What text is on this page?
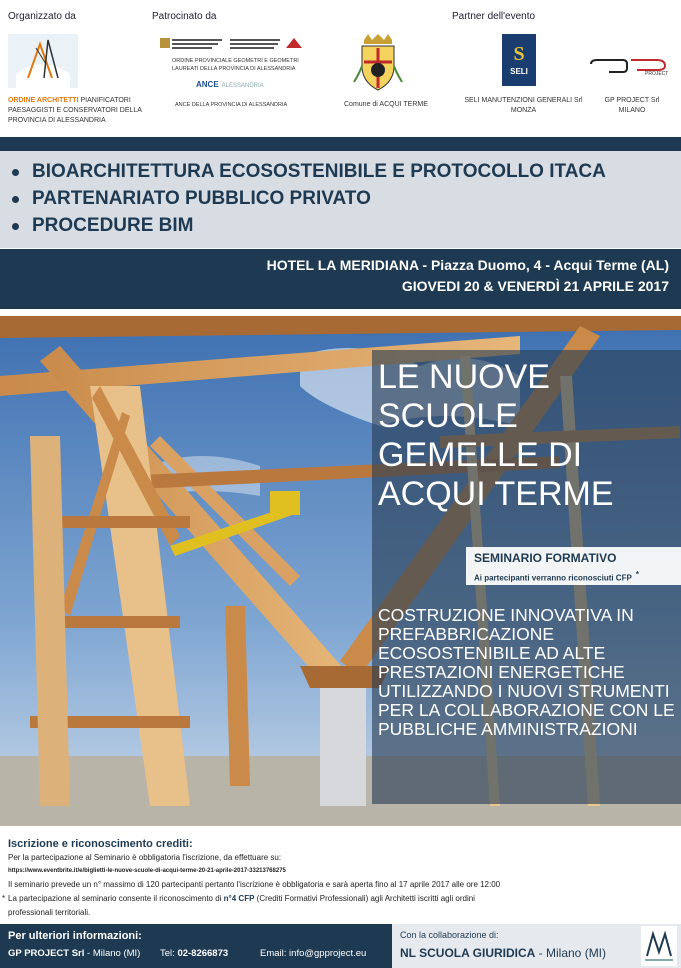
Organizzato da	Patrocinato da	Partner dell'evento
ORDINE ARCHITETTI PIANIFICATORI PAESAGGISTI E CONSERVATORI DELLA PROVINCIA DI ALESSANDRIA
ORDINE PROVINCIALE GEOMETRI E GEOMETRI LAUREATI DELLA PROVINCIA DI ALESSANDRIA
ANCE ALESSANDRIA
ANCE DELLA PROVINCIA DI ALESSANDRIA	Comune di ACQUI TERME
S
SELI
SELI MANUTENZIONI GENERALI Srl MONZA
PROJECT
GP PROJECT Srl MILANO
BIOARCHITETTURA ECOSOSTENIBILE E PROTOCOLLO ITACA
PARTENARIATO PUBBLICO PRIVATO
PROCEDURE BIM
HOTEL LA MERIDIANA - Piazza Duomo, 4 - Acqui Terme (AL)
GIOVEDI 20 & VENERDÌ 21 APRILE 2017
LE NUOVE SCUOLE GEMELLE DI ACQUI TERME
SEMINARIO FORMATIVO
Ai partecipanti verranno riconosciuti CFP *
COSTRUZIONE INNOVATIVA IN PREFABBRICAZIONE ECOSOSTENIBILE AD ALTE PRESTAZIONI ENERGETICHE UTILIZZANDO I NUOVI STRUMENTI PER LA COLLABORAZIONE CON LE PUBBLICHE AMMINISTRAZIONI
Iscrizione e riconoscimento crediti:
Per la partecipazione al Seminario è obbligatoria l'iscrizione, da effettuare su:
https://www.eventbrite.it/e/biglietti-le-nuove-scuole-di-acqui-terme-20-21-aprile-2017-33213768275
Il seminario prevede un n° massimo di 120 partecipanti pertanto l'iscrizione è obbligatoria e sarà aperta fino al 17 aprile 2017 alle ore 12:00
* La partecipazione al seminario consente il riconoscimento di n°4 CFP (Crediti Formativi Professionali) agli Architetti iscritti agli ordini
professionali territoriali.
Per ulteriori informazioni:
GP PROJECT Srl - Milano (MI) Tel: 02-8266873	Email: info@gpproject.eu
Con la collaborazione di:
NL SCUOLA GIURIDICA - Milano (MI)
